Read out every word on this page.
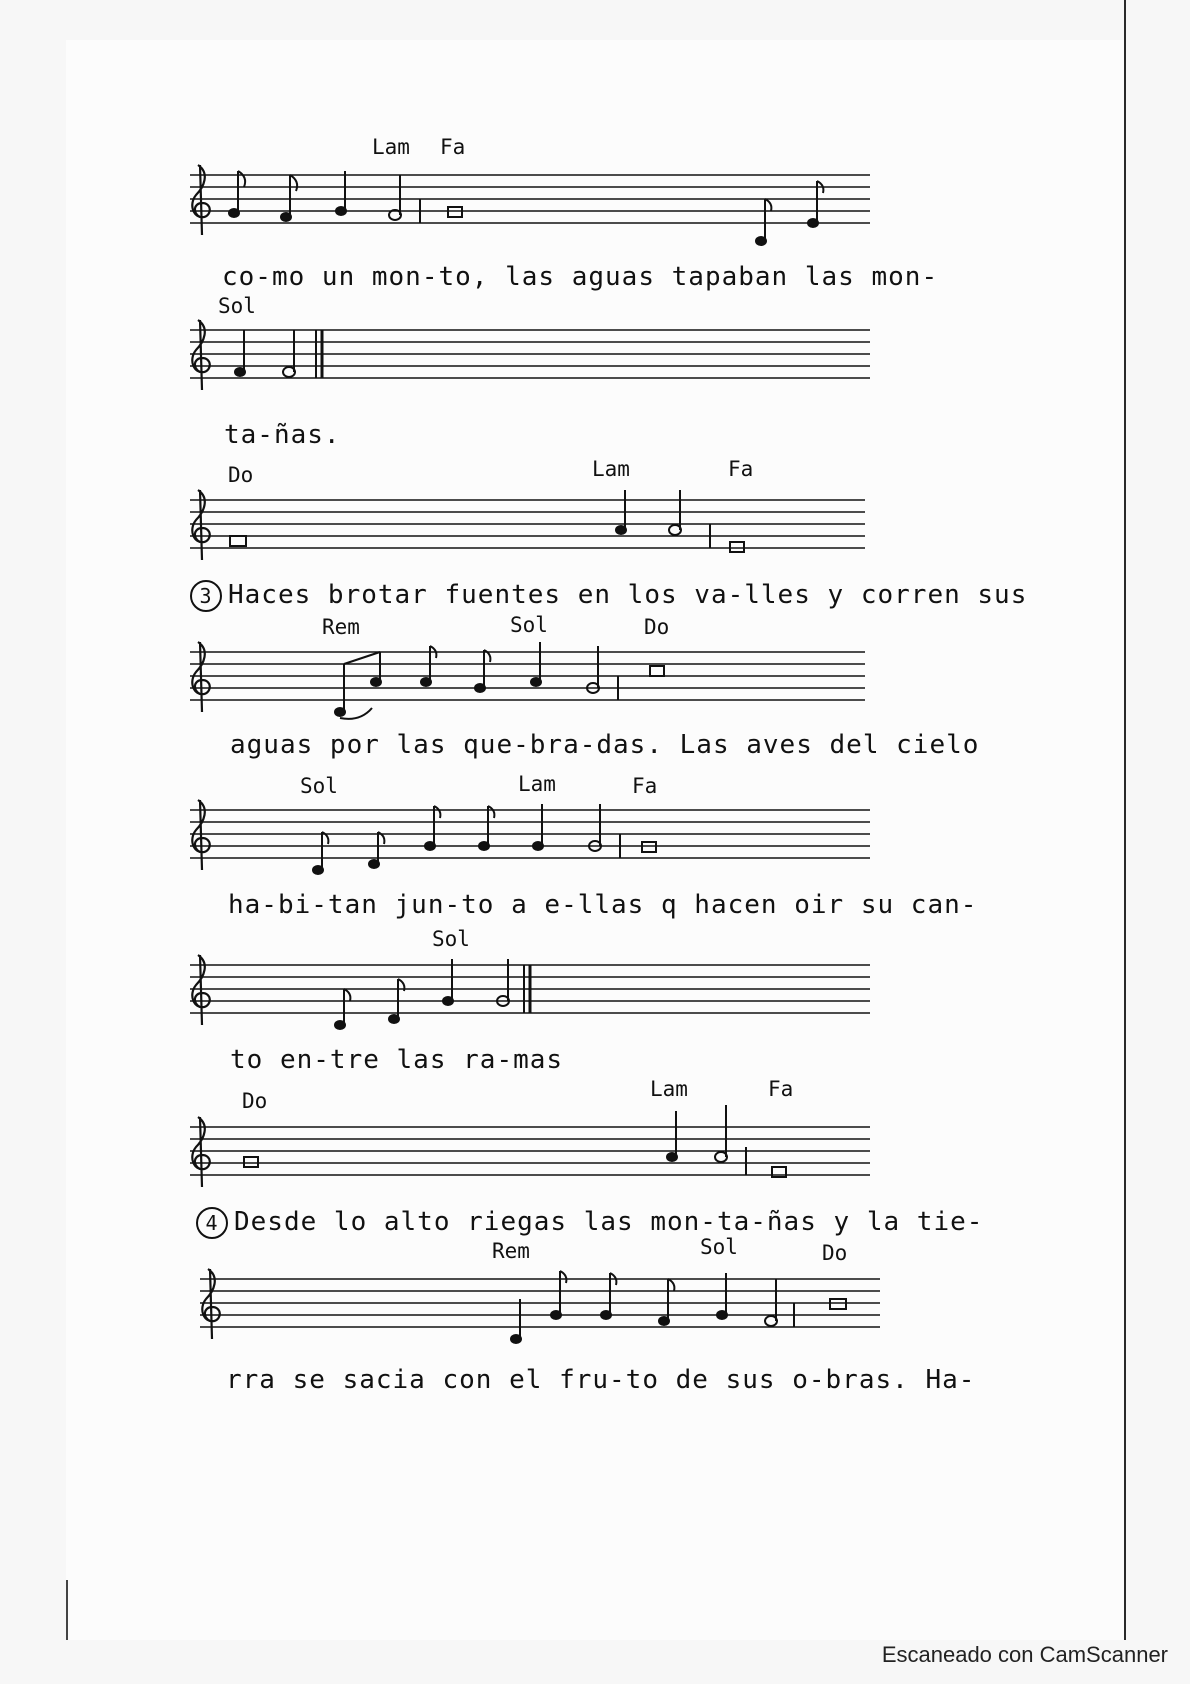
Lam Fa
co-mo un mon-to, las aguas tapaban las mon-
Sol
ta-ñas.
Do	Lam	Fa
3 Haces brotar fuentes en los va-lles y corren sus
Rem	Sol	Do
aguas por las que-bra-das. Las aves del cielo
Sol	Lam	Fa
ha-bi-tan jun-to a e-llas q hacen oir su can-
Sol
to en-tre las ra-mas
Do	Lam	Fa
4 Desde lo alto riegas las mon-ta-ñas y la tie-
Rem	Sol	Do
rra se sacia con el fru-to de sus o-bras. Ha-
Escaneado con CamScanner
